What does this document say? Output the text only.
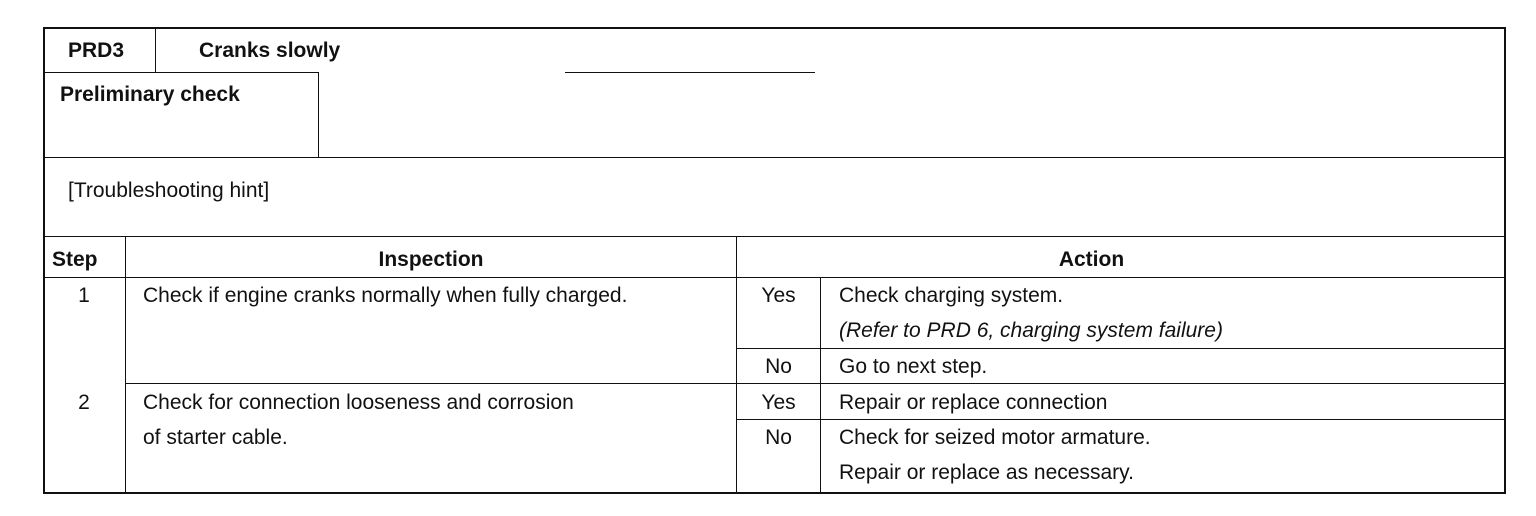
PRD3	Cranks slowly
Preliminary check
[Troubleshooting hint]
Step	Inspection	Action
1	Check if engine cranks normally when fully charged.	Yes	Check charging system.
(Refer to PRD 6, charging system failure)
No	Go to next step.
2	Check for connection looseness and corrosion
of starter cable.
Yes	Repair or replace connection
No	Check for seized motor armature.
Repair or replace as necessary.
